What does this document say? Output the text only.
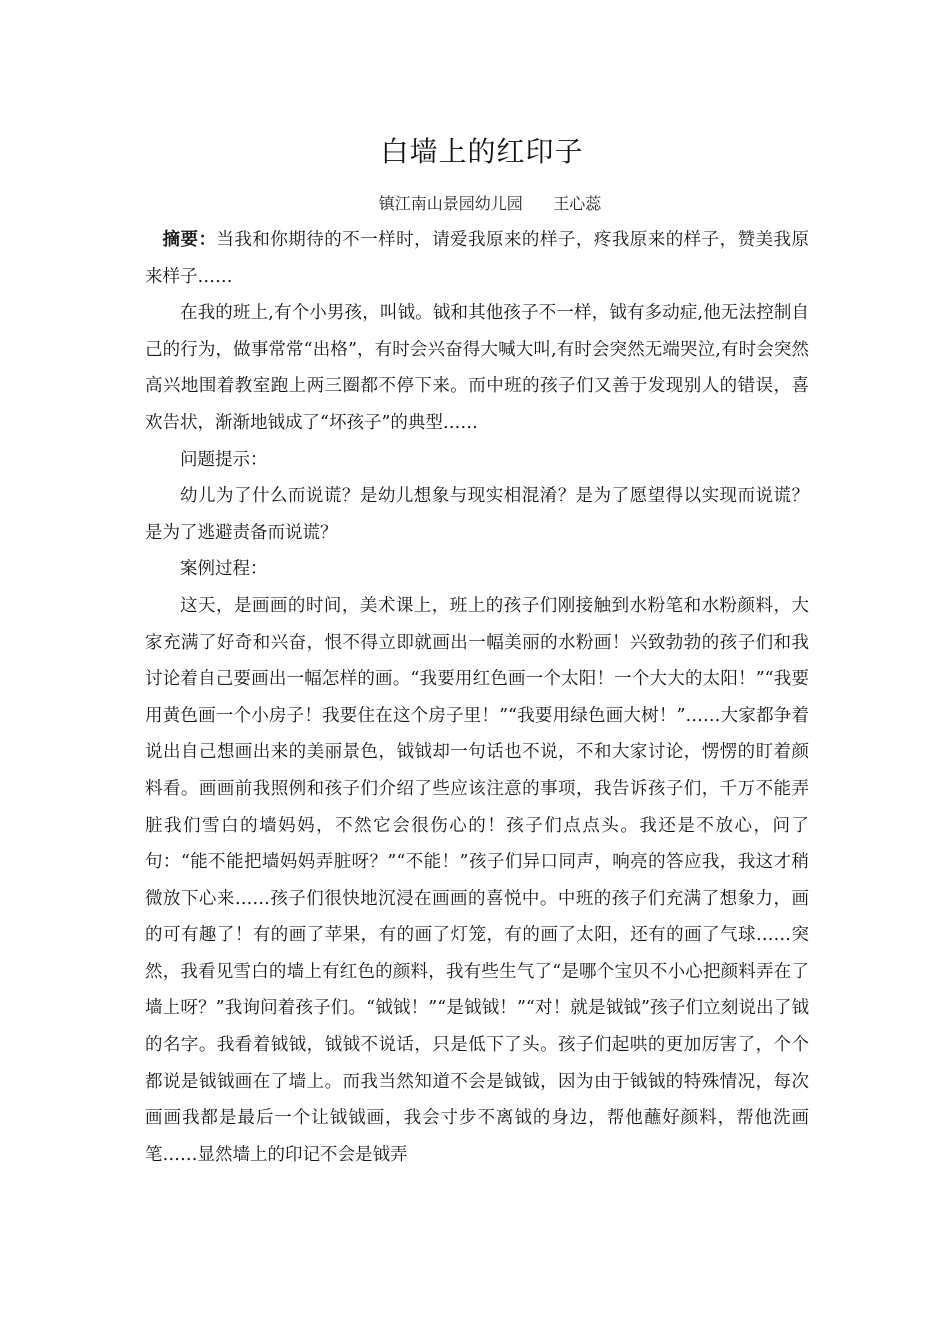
白墙上的红印子
镇江南山景园幼儿园      王心蕊

摘要：当我和你期待的不一样时，请爱我原来的样子，疼我原来的样子，赞美我原来样子……

在我的班上,有个小男孩，叫钺。钺和其他孩子不一样，钺有多动症,他无法控制自己的行为，做事常常“出格”，有时会兴奋得大喊大叫,有时会突然无端哭泣,有时会突然高兴地围着教室跑上两三圈都不停下来。而中班的孩子们又善于发现别人的错误，喜欢告状，渐渐地钺成了“坏孩子”的典型……

问题提示：

幼儿为了什么而说谎？是幼儿想象与现实相混淆？是为了愿望得以实现而说谎？是为了逃避责备而说谎？

案例过程：

这天，是画画的时间，美术课上，班上的孩子们刚接触到水粉笔和水粉颜料，大家充满了好奇和兴奋，恨不得立即就画出一幅美丽的水粉画！兴致勃勃的孩子们和我讨论着自己要画出一幅怎样的画。“我要用红色画一个太阳！一个大大的太阳！”“我要用黄色画一个小房子！我要住在这个房子里！”“我要用绿色画大树！”……大家都争着说出自己想画出来的美丽景色，钺钺却一句话也不说，不和大家讨论，愣愣的盯着颜料看。画画前我照例和孩子们介绍了些应该注意的事项，我告诉孩子们，千万不能弄脏我们雪白的墙妈妈，不然它会很伤心的！孩子们点点头。我还是不放心，问了句：“能不能把墙妈妈弄脏呀？”“不能！”孩子们异口同声，响亮的答应我，我这才稍微放下心来……孩子们很快地沉浸在画画的喜悦中。中班的孩子们充满了想象力，画的可有趣了！有的画了苹果，有的画了灯笼，有的画了太阳，还有的画了气球……突然，我看见雪白的墙上有红色的颜料，我有些生气了“是哪个宝贝不小心把颜料弄在了墙上呀？”我询问着孩子们。“钺钺！”“是钺钺！”“对！就是钺钺”孩子们立刻说出了钺的名字。我看着钺钺，钺钺不说话，只是低下了头。孩子们起哄的更加厉害了，个个都说是钺钺画在了墙上。而我当然知道不会是钺钺，因为由于钺钺的特殊情况，每次画画我都是最后一个让钺钺画，我会寸步不离钺的身边，帮他蘸好颜料，帮他洗画笔……显然墙上的印记不会是钺弄
